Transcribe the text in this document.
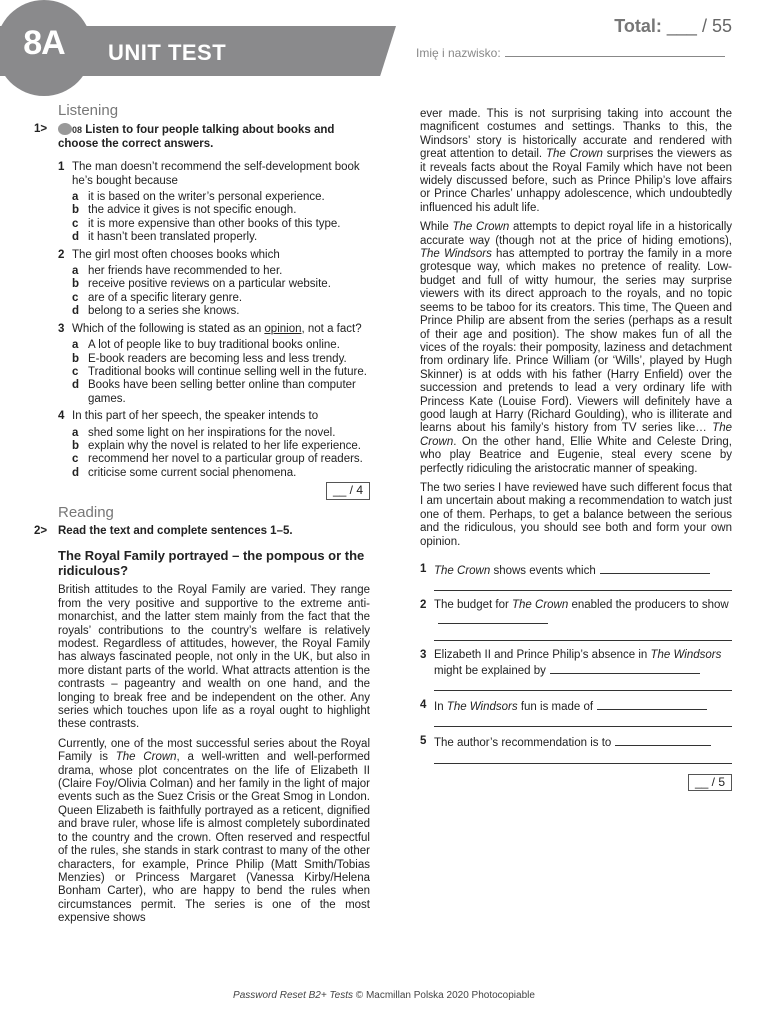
UNIT TEST
8A	Total: ___ / 55
Imię i nazwisko:
Listening
1>	08 Listen to four people talking about books and choose the correct answers.
1 The man doesn’t recommend the self-development book he’s bought because
a it is based on the writer’s personal experience.
b the advice it gives is not specific enough.
c it is more expensive than other books of this type.
d it hasn’t been translated properly.
2 The girl most often chooses books which
a her friends have recommended to her.
b receive positive reviews on a particular website.
c are of a specific literary genre.
d belong to a series she knows.
3 Which of the following is stated as an opinion, not a fact?
a A lot of people like to buy traditional books online.
b E-book readers are becoming less and less trendy.
c Traditional books will continue selling well in the future.
d Books have been selling better online than computer games.
4 In this part of her speech, the speaker intends to
a shed some light on her inspirations for the novel.
b explain why the novel is related to her life experience.
c recommend her novel to a particular group of readers.
d criticise some current social phenomena.
__ / 4
Reading
2> Read the text and complete sentences 1–5.
The Royal Family portrayed – the pompous or the ridiculous?

British attitudes to the Royal Family are varied. They range from the very positive and supportive to the extreme anti-monarchist, and the latter stem mainly from the fact that the royals’ contributions to the country’s welfare is relatively modest. Regardless of attitudes, however, the Royal Family has always fascinated people, not only in the UK, but also in more distant parts of the world. What attracts attention is the contrasts – pageantry and wealth on one hand, and the longing to break free and be independent on the other. Any series which touches upon life as a royal ought to highlight these contrasts.

Currently, one of the most successful series about the Royal Family is The Crown, a well-written and well-performed drama, whose plot concentrates on the life of Elizabeth II (Claire Foy/Olivia Colman) and her family in the light of major events such as the Suez Crisis or the Great Smog in London. Queen Elizabeth is faithfully portrayed as a reticent, dignified and brave ruler, whose life is almost completely subordinated to the country and the crown. Often reserved and respectful of the rules, she stands in stark contrast to many of the other characters, for example, Prince Philip (Matt Smith/Tobias Menzies) or Princess Margaret (Vanessa Kirby/Helena Bonham Carter), who are happy to bend the rules when circumstances permit. The series is one of the most expensive shows

ever made. This is not surprising taking into account the magnificent costumes and settings. Thanks to this, the Windsors’ story is historically accurate and rendered with great attention to detail. The Crown surprises the viewers as it reveals facts about the Royal Family which have not been widely discussed before, such as Prince Philip’s love affairs or Prince Charles’ unhappy adolescence, which undoubtedly influenced his adult life.

While The Crown attempts to depict royal life in a historically accurate way (though not at the price of hiding emotions), The Windsors has attempted to portray the family in a more grotesque way, which makes no pretence of reality. Low-budget and full of witty humour, the series may surprise viewers with its direct approach to the royals, and no topic seems to be taboo for its creators. This time, The Queen and Prince Philip are absent from the series (perhaps as a result of their age and position). The show makes fun of all the vices of the royals: their pomposity, laziness and detachment from ordinary life. Prince William (or ‘Wills’, played by Hugh Skinner) is at odds with his father (Harry Enfield) over the succession and pretends to lead a very ordinary life with Princess Kate (Louise Ford). Viewers will definitely have a good laugh at Harry (Richard Goulding), who is illiterate and learns about his family’s history from TV series like… The Crown. On the other hand, Ellie White and Celeste Dring, who play Beatrice and Eugenie, steal every scene by perfectly ridiculing the aristocratic manner of speaking.

The two series I have reviewed have such different focus that I am uncertain about making a recommendation to watch just one of them. Perhaps, to get a balance between the serious and the ridiculous, you should see both and form your own opinion.

1 The Crown shows events which
2 The budget for The Crown enabled the producers to show
3 Elizabeth II and Prince Philip’s absence in The Windsors might be explained by
4 In The Windsors fun is made of
5 The author’s recommendation is to
__ / 5
Password Reset B2+ Tests © Macmillan Polska 2020 Photocopiable
